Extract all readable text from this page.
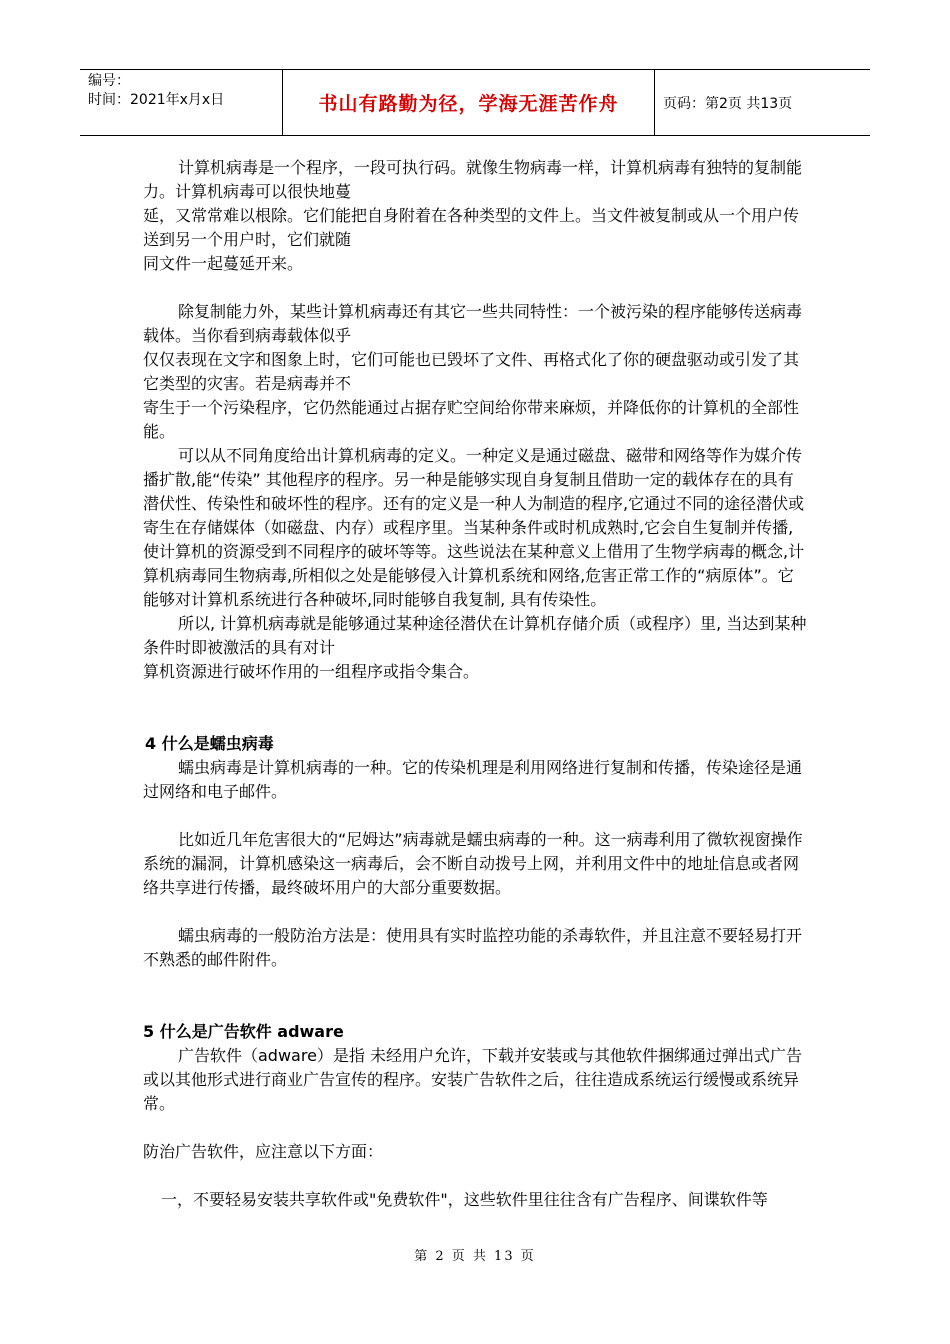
编号：
时间：2021年x月x日	书山有路勤为径，学海无涯苦作舟	页码：第2页 共13页

计算机病毒是一个程序，一段可执行码。就像生物病毒一样，计算机病毒有独特的复制能力。计算机病毒可以很快地蔓

延，又常常难以根除。它们能把自身附着在各种类型的文件上。当文件被复制或从一个用户传送到另一个用户时，它们就随

同文件一起蔓延开来。

除复制能力外，某些计算机病毒还有其它一些共同特性：一个被污染的程序能够传送病毒载体。当你看到病毒载体似乎

仅仅表现在文字和图象上时，它们可能也已毁坏了文件、再格式化了你的硬盘驱动或引发了其它类型的灾害。若是病毒并不

寄生于一个污染程序，它仍然能通过占据存贮空间给你带来麻烦，并降低你的计算机的全部性能。

可以从不同角度给出计算机病毒的定义。一种定义是通过磁盘、磁带和网络等作为媒介传播扩散,能“传染” 其他程序的程序。另一种是能够实现自身复制且借助一定的载体存在的具有潜伏性、传染性和破坏性的程序。还有的定义是一种人为制造的程序,它通过不同的途径潜伏或寄生在存储媒体（如磁盘、内存）或程序里。当某种条件或时机成熟时,它会自生复制并传播,使计算机的资源受到不同程序的破坏等等。这些说法在某种意义上借用了生物学病毒的概念,计算机病毒同生物病毒,所相似之处是能够侵入计算机系统和网络,危害正常工作的“病原体”。它能够对计算机系统进行各种破坏,同时能够自我复制, 具有传染性。

所以, 计算机病毒就是能够通过某种途径潜伏在计算机存储介质（或程序）里, 当达到某种条件时即被激活的具有对计

算机资源进行破坏作用的一组程序或指令集合。

4 什么是蠕虫病毒

蠕虫病毒是计算机病毒的一种。它的传染机理是利用网络进行复制和传播，传染途径是通过网络和电子邮件。

比如近几年危害很大的“尼姆达”病毒就是蠕虫病毒的一种。这一病毒利用了微软视窗操作系统的漏洞，计算机感染这一病毒后，会不断自动拨号上网，并利用文件中的地址信息或者网络共享进行传播，最终破坏用户的大部分重要数据。

蠕虫病毒的一般防治方法是：使用具有实时监控功能的杀毒软件，并且注意不要轻易打开不熟悉的邮件附件。

5 什么是广告软件 adware

广告软件（adware）是指 未经用户允许，下载并安装或与其他软件捆绑通过弹出式广告或以其他形式进行商业广告宣传的程序。安装广告软件之后，往往造成系统运行缓慢或系统异常。

防治广告软件，应注意以下方面：

一，不要轻易安装共享软件或"免费软件"，这些软件里往往含有广告程序、间谍软件等

第 2 页 共 13 页
